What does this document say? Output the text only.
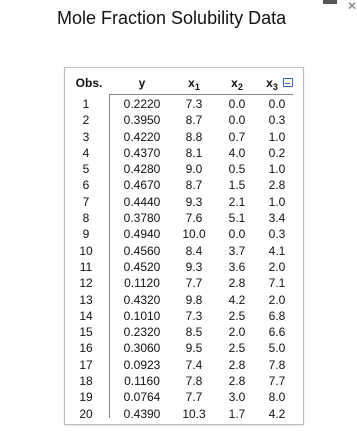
Mole Fraction Solubility Data
✕
Obs.	y	$x_1$	$x_2$	$x_3$
1	0.2220	7.3	0.0	0.0
2	0.3950	8.7	0.0	0.3
3	0.4220	8.8	0.7	1.0
4	0.4370	8.1	4.0	0.2
5	0.4280	9.0	0.5	1.0
6	0.4670	8.7	1.5	2.8
7	0.4440	9.3	2.1	1.0
8	0.3780	7.6	5.1	3.4
9	0.4940	10.0	0.0	0.3
10	0.4560	8.4	3.7	4.1
11	0.4520	9.3	3.6	2.0
12	0.1120	7.7	2.8	7.1
13	0.4320	9.8	4.2	2.0
14	0.1010	7.3	2.5	6.8
15	0.2320	8.5	2.0	6.6
16	0.3060	9.5	2.5	5.0
17	0.0923	7.4	2.8	7.8
18	0.1160	7.8	2.8	7.7
19	0.0764	7.7	3.0	8.0
20	0.4390	10.3	1.7	4.2
